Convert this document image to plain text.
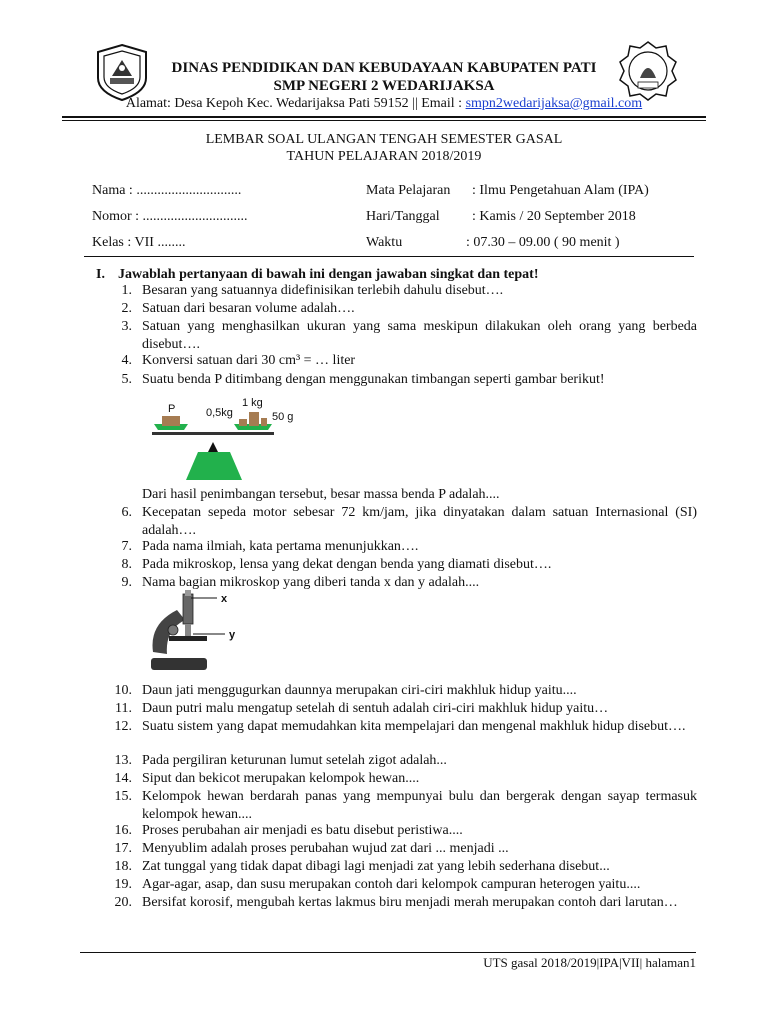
DINAS PENDIDIKAN DAN KEBUDAYAAN KABUPATEN PATI
SMP NEGERI 2 WEDARIJAKSA
Alamat: Desa Kepoh Kec. Wedarijaksa Pati 59152 || Email : smpn2wedarijaksa@gmail.com
LEMBAR SOAL ULANGAN TENGAH SEMESTER GASAL
TAHUN PELAJARAN 2018/2019
Nama : ..............................
Nomor : ..............................
Kelas : VII ........
Mata Pelajaran : Ilmu Pengetahuan Alam (IPA)
Hari/Tanggal : Kamis / 20 September 2018
Waktu	: 07.30 – 09.00 ( 90 menit )
I. Jawablah pertanyaan di bawah ini dengan jawaban singkat dan tepat!
1. Besaran yang satuannya didefinisikan terlebih dahulu disebut….
2. Satuan dari besaran volume adalah….
3. Satuan yang menghasilkan ukuran yang sama meskipun dilakukan oleh orang yang berbeda disebut….
4. Konversi satuan dari 30 cm³ = … liter
5. Suatu benda P ditimbang dengan menggunakan timbangan seperti gambar berikut!
Dari hasil penimbangan tersebut, besar massa benda P adalah....
6. Kecepatan sepeda motor sebesar 72 km/jam, jika dinyatakan dalam satuan Internasional (SI) adalah….
7. Pada nama ilmiah, kata pertama menunjukkan….
8. Pada mikroskop, lensa yang dekat dengan benda yang diamati disebut….
9. Nama bagian mikroskop yang diberi tanda x dan y adalah....
10. Daun jati menggugurkan daunnya merupakan ciri-ciri makhluk hidup yaitu....
11. Daun putri malu mengatup setelah di sentuh adalah ciri-ciri makhluk hidup yaitu…
12. Suatu sistem yang dapat memudahkan kita mempelajari dan mengenal makhluk hidup disebut….
13. Pada pergiliran keturunan lumut setelah zigot adalah...
14. Siput dan bekicot merupakan kelompok hewan....
15. Kelompok hewan berdarah panas yang mempunyai bulu dan bergerak dengan sayap termasuk kelompok hewan....
16. Proses perubahan air menjadi es batu disebut peristiwa....
17. Menyublim adalah proses perubahan wujud zat dari ... menjadi ...
18. Zat tunggal yang tidak dapat dibagi lagi menjadi zat yang lebih sederhana disebut...
19. Agar-agar, asap, dan susu merupakan contoh dari kelompok campuran heterogen yaitu....
20. Bersifat korosif, mengubah kertas lakmus biru menjadi merah merupakan contoh dari larutan…
P	0,5kg
1 kg
50 g
x
y
UTS gasal 2018/2019|IPA|VII| halaman1
